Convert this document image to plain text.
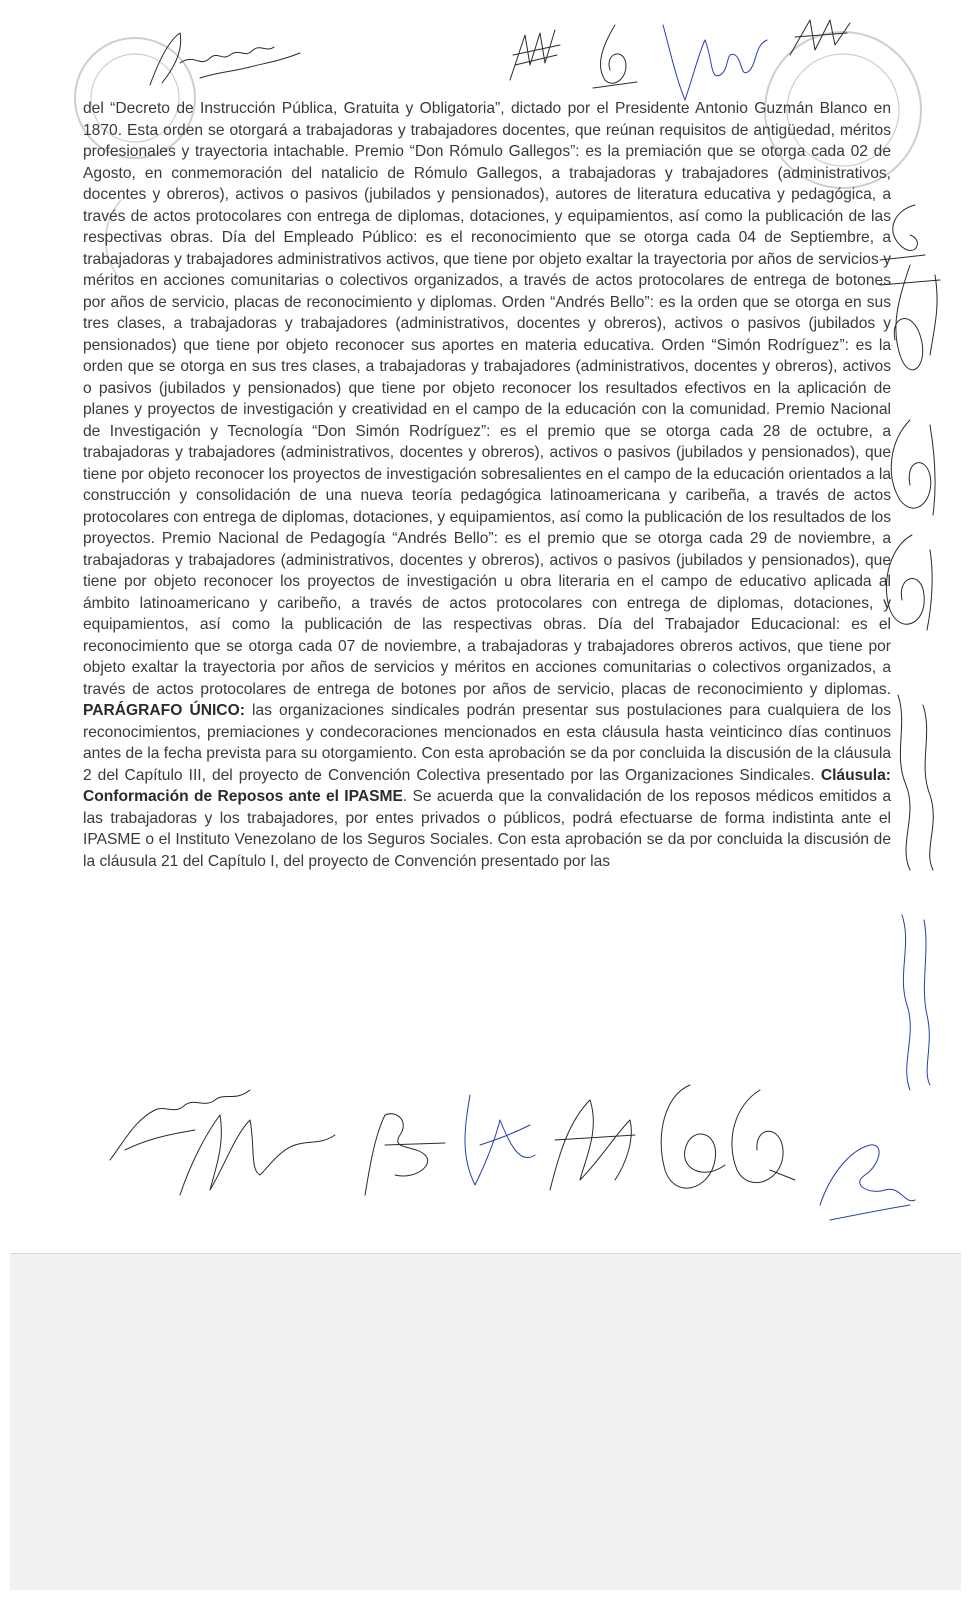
del “Decreto de Instrucción Pública, Gratuita y Obligatoria”, dictado por el Presidente Antonio Guzmán Blanco en 1870. Esta orden se otorgará a trabajadoras y trabajadores docentes, que reúnan requisitos de antigüedad, méritos profesionales y trayectoria intachable. Premio “Don Rómulo Gallegos”: es la premiación que se otorga cada 02 de Agosto, en conmemoración del natalicio de Rómulo Gallegos, a trabajadoras y trabajadores (administrativos, docentes y obreros), activos o pasivos (jubilados y pensionados), autores de literatura educativa y pedagógica, a través de actos protocolares con entrega de diplomas, dotaciones, y equipamientos, así como la publicación de las respectivas obras. Día del Empleado Público: es el reconocimiento que se otorga cada 04 de Septiembre, a trabajadoras y trabajadores administrativos activos, que tiene por objeto exaltar la trayectoria por años de servicios y méritos en acciones comunitarias o colectivos organizados, a través de actos protocolares de entrega de botones por años de servicio, placas de reconocimiento y diplomas. Orden “Andrés Bello”: es la orden que se otorga en sus tres clases, a trabajadoras y trabajadores (administrativos, docentes y obreros), activos o pasivos (jubilados y pensionados) que tiene por objeto reconocer sus aportes en materia educativa. Orden “Simón Rodríguez”: es la orden que se otorga en sus tres clases, a trabajadoras y trabajadores (administrativos, docentes y obreros), activos o pasivos (jubilados y pensionados) que tiene por objeto reconocer los resultados efectivos en la aplicación de planes y proyectos de investigación y creatividad en el campo de la educación con la comunidad. Premio Nacional de Investigación y Tecnología “Don Simón Rodríguez”: es el premio que se otorga cada 28 de octubre, a trabajadoras y trabajadores (administrativos, docentes y obreros), activos o pasivos (jubilados y pensionados), que tiene por objeto reconocer los proyectos de investigación sobresalientes en el campo de la educación orientados a la construcción y consolidación de una nueva teoría pedagógica latinoamericana y caribeña, a través de actos protocolares con entrega de diplomas, dotaciones, y equipamientos, así como la publicación de los resultados de los proyectos. Premio Nacional de Pedagogía “Andrés Bello”: es el premio que se otorga cada 29 de noviembre, a trabajadoras y trabajadores (administrativos, docentes y obreros), activos o pasivos (jubilados y pensionados), que tiene por objeto reconocer los proyectos de investigación u obra literaria en el campo de educativo aplicada al ámbito latinoamericano y caribeño, a través de actos protocolares con entrega de diplomas, dotaciones, y equipamientos, así como la publicación de las respectivas obras. Día del Trabajador Educacional: es el reconocimiento que se otorga cada 07 de noviembre, a trabajadoras y trabajadores obreros activos, que tiene por objeto exaltar la trayectoria por años de servicios y méritos en acciones comunitarias o colectivos organizados, a través de actos protocolares de entrega de botones por años de servicio, placas de reconocimiento y diplomas. PARÁGRAFO ÚNICO: las organizaciones sindicales podrán presentar sus postulaciones para cualquiera de los reconocimientos, premiaciones y condecoraciones mencionados en esta cláusula hasta veinticinco días continuos antes de la fecha prevista para su otorgamiento. Con esta aprobación se da por concluida la discusión de la cláusula 2 del Capítulo III, del proyecto de Convención Colectiva presentado por las Organizaciones Sindicales. Cláusula: Conformación de Reposos ante el IPASME. Se acuerda que la convalidación de los reposos médicos emitidos a las trabajadoras y los trabajadores, por entes privados o públicos, podrá efectuarse de forma indistinta ante el IPASME o el Instituto Venezolano de los Seguros Sociales. Con esta aprobación se da por concluida la discusión de la cláusula 21 del Capítulo I, del proyecto de Convención presentado por las
